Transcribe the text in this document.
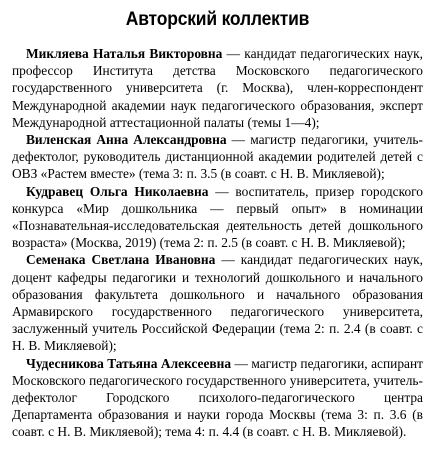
Авторский коллектив

Микляева Наталья Викторовна — кандидат педагогических наук, профессор Института детства Московского педагогического государственного университета (г. Москва), член-корреспондент Международной академии наук педагогического образования, эксперт Международной аттестационной палаты (темы 1—4);

Виленская Анна Александровна — магистр педагогики, учитель-дефектолог, руководитель дистанционной академии родителей детей с ОВЗ «Растем вместе» (тема 3: п. 3.5 (в соавт. с Н. В. Микляевой);

Кудравец Ольга Николаевна — воспитатель, призер городского конкурса «Мир дошкольника — первый опыт» в номинации «Познавательная-исследовательская деятельность детей дошкольного возраста» (Москва, 2019) (тема 2: п. 2.5 (в соавт. с Н. В. Микляевой);

Семенака Светлана Ивановна — кандидат педагогических наук, доцент кафедры педагогики и технологий дошкольного и начального образования факультета дошкольного и начального образования Армавирского государственного педагогического университета, заслуженный учитель Российской Федерации (тема 2: п. 2.4 (в соавт. с Н. В. Микляевой);

Чудесникова Татьяна Алексеевна — магистр педагогики, аспирант Московского педагогического государственного университета, учитель-дефектолог Городского психолого-педагогического центра Департамента образования и науки города Москвы (тема 3: п. 3.6 (в соавт. с Н. В. Микляевой); тема 4: п. 4.4 (в соавт. с Н. В. Микляевой).
